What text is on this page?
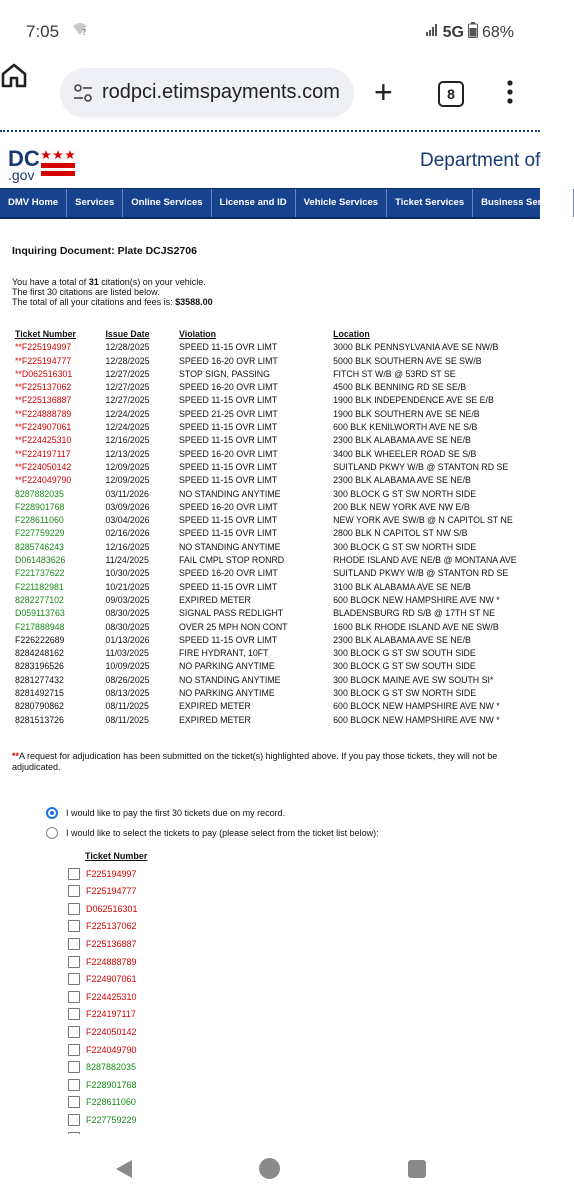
7:05	?	5G 68%
rodpci.etimspayments.com +	8
DC
.gov
Department of
DMV Home	Services	Online Services	License and ID	Vehicle Services	Ticket Services	Business Services
Inquiring Document: Plate DCJS2706
You have a total of 31 citation(s) on your vehicle.
The first 30 citations are listed below.
The total of all your citations and fees is: $3588.00
Ticket Number	Issue Date	Violation	Location
**F225194997	12/28/2025	SPEED 11-15 OVR LIMT	3000 BLK PENNSYLVANIA AVE SE NW/B
**F225194777	12/28/2025	SPEED 16-20 OVR LIMT	5000 BLK SOUTHERN AVE SE SW/B
**D062516301	12/27/2025	STOP SIGN, PASSING	FITCH ST W/B @ 53RD ST SE
**F225137062	12/27/2025	SPEED 16-20 OVR LIMT	4500 BLK BENNING RD SE SE/B
**F225136887	12/27/2025	SPEED 11-15 OVR LIMT	1900 BLK INDEPENDENCE AVE SE E/B
**F224888789	12/24/2025	SPEED 21-25 OVR LIMT	1900 BLK SOUTHERN AVE SE NE/B
**F224907061	12/24/2025	SPEED 11-15 OVR LIMT	600 BLK KENILWORTH AVE NE S/B
**F224425310	12/16/2025	SPEED 11-15 OVR LIMT	2300 BLK ALABAMA AVE SE NE/B
**F224197117	12/13/2025	SPEED 16-20 OVR LIMT	3400 BLK WHEELER ROAD SE S/B
**F224050142	12/09/2025	SPEED 11-15 OVR LIMT	SUITLAND PKWY W/B @ STANTON RD SE
**F224049790	12/09/2025	SPEED 11-15 OVR LIMT	2300 BLK ALABAMA AVE SE NE/B
8287882035	03/11/2026	NO STANDING ANYTIME	300 BLOCK G ST SW NORTH SIDE
F228901768	03/09/2026	SPEED 16-20 OVR LIMT	200 BLK NEW YORK AVE NW E/B
F228611060	03/04/2026	SPEED 11-15 OVR LIMT	NEW YORK AVE SW/B @ N CAPITOL ST NE
F227759229	02/16/2026	SPEED 11-15 OVR LIMT	2800 BLK N CAPITOL ST NW S/B
8285746243	12/16/2025	NO STANDING ANYTIME	300 BLOCK G ST SW NORTH SIDE
D061483626	11/24/2025	FAIL CMPL STOP RONRD	RHODE ISLAND AVE NE/B @ MONTANA AVE
F221737622	10/30/2025	SPEED 16-20 OVR LIMT	SUITLAND PKWY W/B @ STANTON RD SE
F221182981	10/21/2025	SPEED 11-15 OVR LIMT	3100 BLK ALABAMA AVE SE NE/B
8282277102	09/03/2025	EXPIRED METER	600 BLOCK NEW HAMPSHIRE AVE NW *
D059113763	08/30/2025	SIGNAL PASS REDLIGHT	BLADENSBURG RD S/B @ 17TH ST NE
F217888948	08/30/2025	OVER 25 MPH NON CONT	1600 BLK RHODE ISLAND AVE NE SW/B
F226222689	01/13/2026	SPEED 11-15 OVR LIMT	2300 BLK ALABAMA AVE SE NE/B
8284248162	11/03/2025	FIRE HYDRANT, 10FT	300 BLOCK G ST SW SOUTH SIDE
8283196526	10/09/2025	NO PARKING ANYTIME	300 BLOCK G ST SW SOUTH SIDE
8281277432	08/26/2025	NO STANDING ANYTIME	300 BLOCK MAINE AVE SW SOUTH SI*
8281492715	08/13/2025	NO PARKING ANYTIME	300 BLOCK G ST SW NORTH SIDE
8280790862	08/11/2025	EXPIRED METER	600 BLOCK NEW HAMPSHIRE AVE NW *
8281513726	08/11/2025	EXPIRED METER	600 BLOCK NEW HAMPSHIRE AVE NW *
**A request for adjudication has been submitted on the ticket(s) highlighted above. If you pay those tickets, they will not be adjudicated.
I would like to pay the first 30 tickets due on my record.
I would like to select the tickets to pay (please select from the ticket list below):
Ticket Number
F225194997
F225194777
D062516301
F225137062
F225136887
F224888789
F224907061
F224425310
F224197117
F224050142
F224049790
8287882035
F228901768
F228611060
F227759229
